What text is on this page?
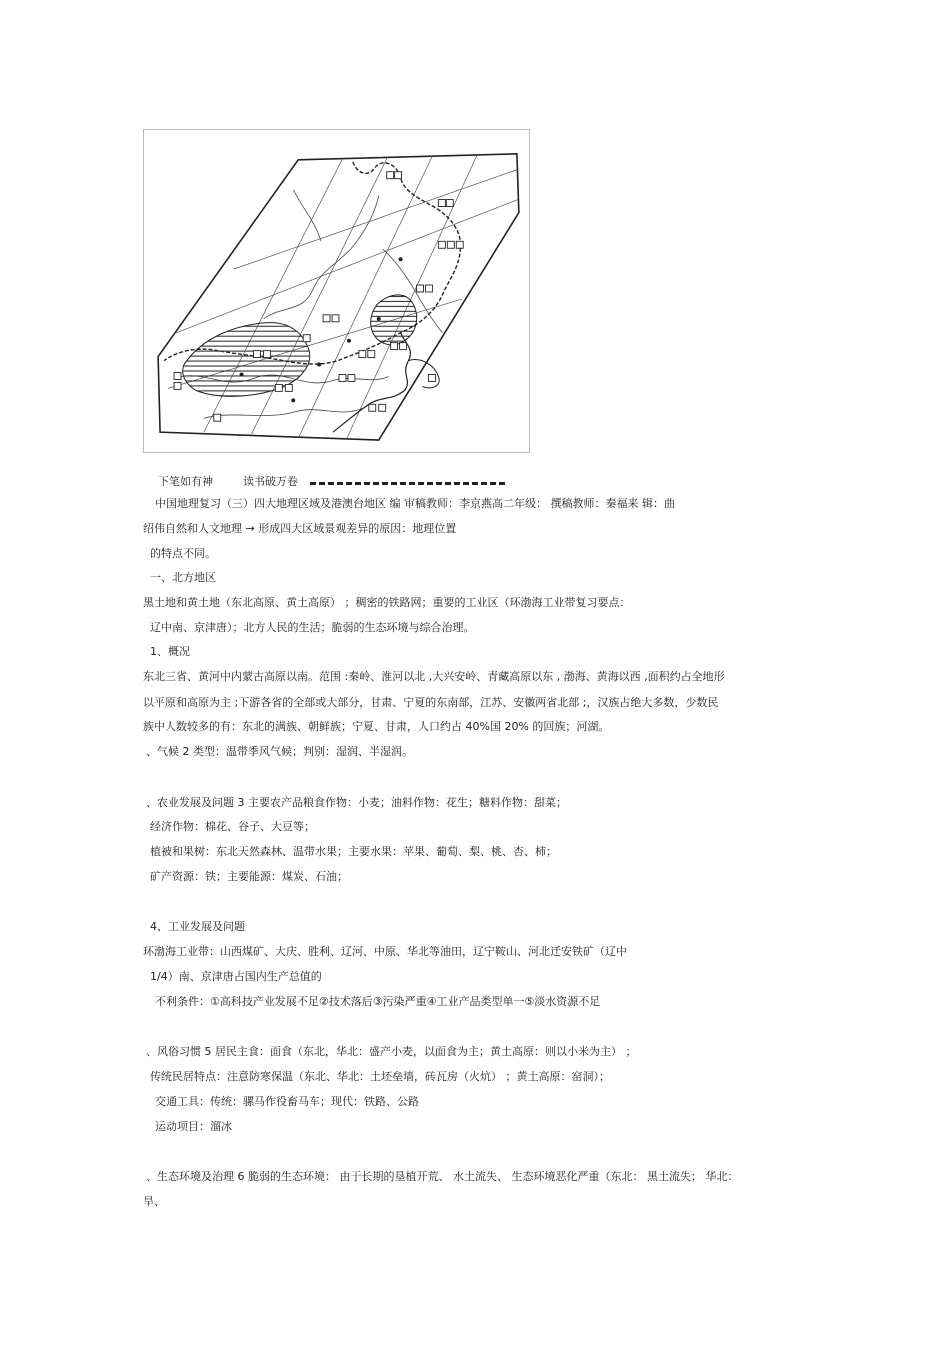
下笔如有神	读书破万卷
中国地理复习（三）四大地理区域及港澳台地区 编 审稿教师：李京燕高二年级： 撰稿教师：秦福来 辑：曲
绍伟自然和人文地理 → 形成四大区域景观差异的原因：地理位置
的特点不同。
一、北方地区
黑土地和黄土地（东北高原、黄土高原） ；稠密的铁路网；重要的工业区（环渤海工业带复习要点：
辽中南、京津唐）；北方人民的生活；脆弱的生态环境与综合治理。
1、概况
东北三省、黄河中内蒙古高原以南。范围 :秦岭、淮河以北 ,大兴安岭、青藏高原以东 , 渤海、黄海以西 ,面积约占全地形
以平原和高原为主 ;下游各省的全部或大部分，甘肃、宁夏的东南部，江苏、安徽两省北部 ;，汉族占绝大多数，少数民
族中人数较多的有：东北的满族、朝鲜族；宁夏、甘肃，人口约占 40%国 20% 的回族；河湖。
、气候 2 类型：温带季风气候；判别：湿润、半湿润。
、农业发展及问题 3 主要农产品粮食作物：小麦；油料作物：花生；糖料作物：甜菜；
经济作物：棉花、谷子、大豆等；
植被和果树：东北天然森林、温带水果；主要水果：苹果、葡萄、梨、桃、杏、柿；
矿产资源：铁；主要能源：煤炭、石油；
4、工业发展及问题
环渤海工业带：山西煤矿、大庆、胜利、辽河、中原、华北等油田，辽宁鞍山、河北迁安铁矿（辽中
1/4）南、京津唐占国内生产总值的
不利条件：①高科技产业发展不足②技术落后③污染严重④工业产品类型单一⑤淡水资源不足
、风俗习惯 5 居民主食：面食（东北，华北：盛产小麦，以面食为主；黄土高原：则以小米为主） ；
传统民居特点：注意防寒保温（东北、华北：土坯垒墙，砖瓦房（火炕） ；黄土高原：窑洞）；
交通工具：传统：骡马作役畜马车；现代：铁路、公路
运动项目：溜冰
、生态环境及治理 6 脆弱的生态环境： 由于长期的垦植开荒、 水土流失、 生态环境恶化严重（东北： 黑土流失； 华北：
旱、
